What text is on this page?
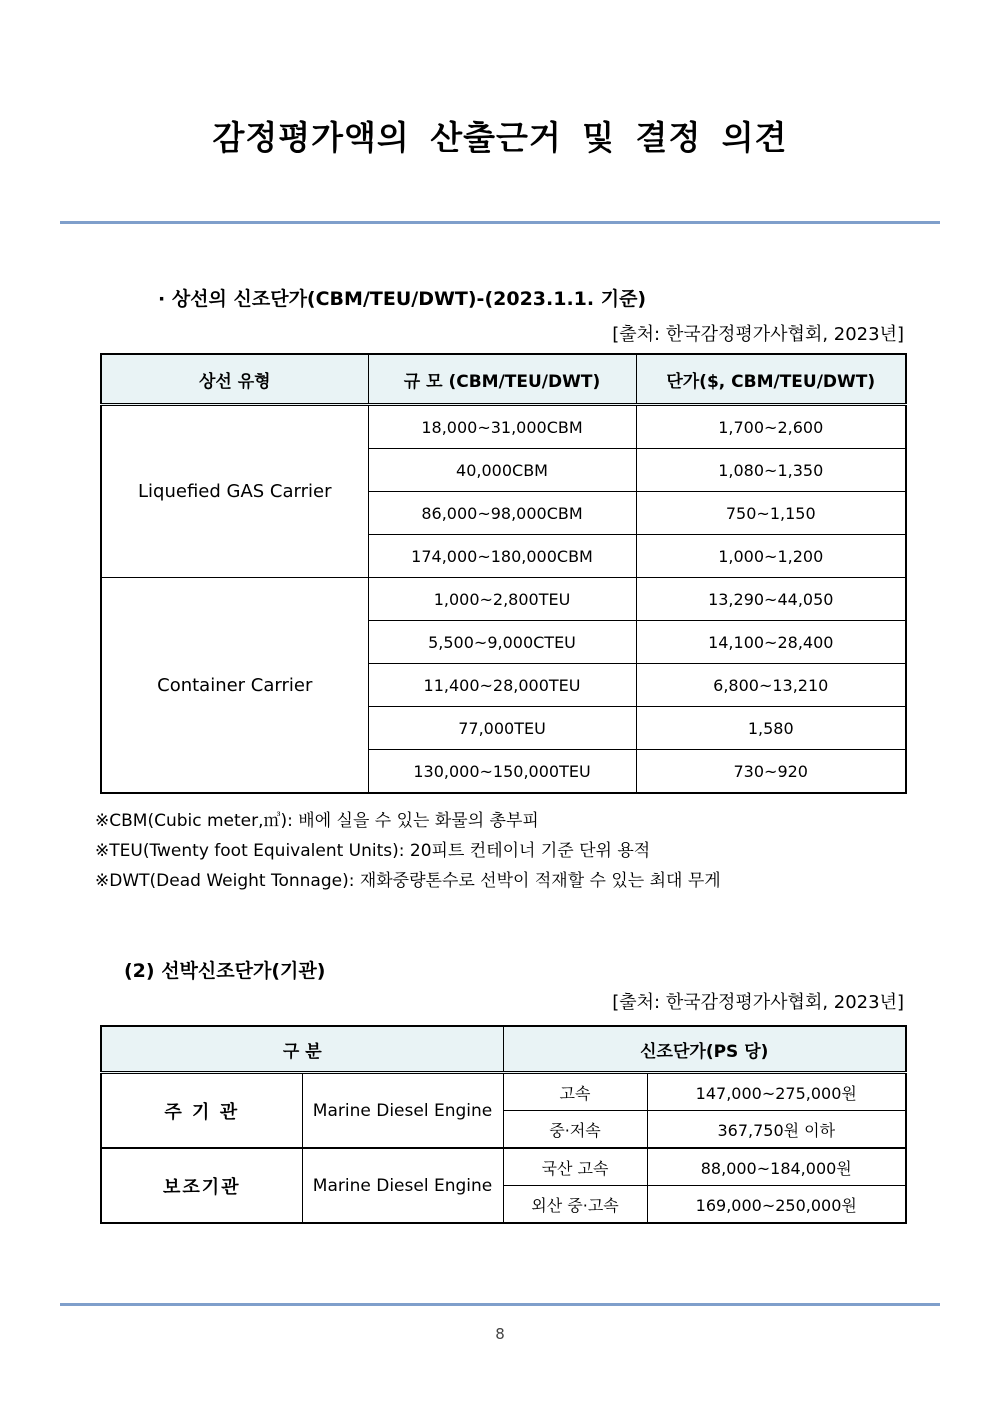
감정평가액의 산출근거 및 결정 의견
· 상선의 신조단가(CBM/TEU/DWT)-(2023.1.1. 기준)
[출처: 한국감정평가사협회, 2023년]
상선 유형	규 모 (CBM/TEU/DWT)	단가($, CBM/TEU/DWT)
Liquefied GAS Carrier	18,000~31,000CBM	1,700~2,600
	40,000CBM	1,080~1,350
	86,000~98,000CBM	750~1,150
	174,000~180,000CBM	1,000~1,200
Container Carrier	1,000~2,800TEU	13,290~44,050
	5,500~9,000CTEU	14,100~28,400
	11,400~28,000TEU	6,800~13,210
	77,000TEU	1,580
	130,000~150,000TEU	730~920
※CBM(Cubic meter,㎥): 배에 실을 수 있는 화물의 총부피
※TEU(Twenty foot Equivalent Units): 20피트 컨테이너 기준 단위 용적
※DWT(Dead Weight Tonnage): 재화중량톤수로 선박이 적재할 수 있는 최대 무게
(2) 선박신조단가(기관)
[출처: 한국감정평가사협회, 2023년]
구 분		신조단가(PS 당)	
주 기 관	Marine Diesel Engine	고속	147,000~275,000원
		중·저속	367,750원 이하
보조기관	Marine Diesel Engine	국산 고속	88,000~184,000원
		외산 중·고속	169,000~250,000원
8
